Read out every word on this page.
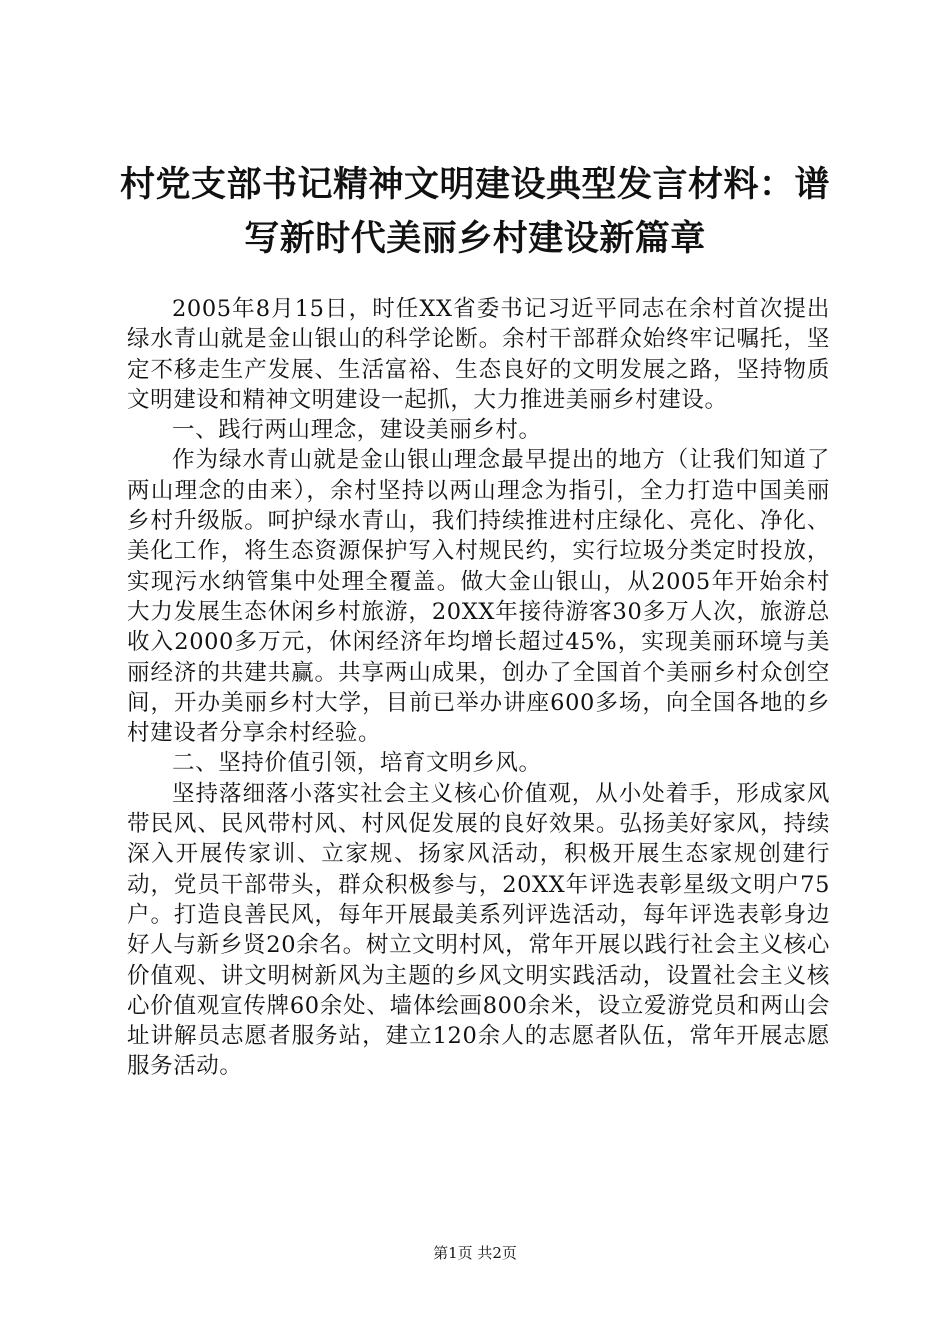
村党支部书记精神文明建设典型发言材料：谱
写新时代美丽乡村建设新篇章

2005年8月15日，时任XX省委书记习近平同志在余村首次提出绿水青山就是金山银山的科学论断。余村干部群众始终牢记嘱托，坚定不移走生产发展、生活富裕、生态良好的文明发展之路，坚持物质文明建设和精神文明建设一起抓，大力推进美丽乡村建设。

一、践行两山理念，建设美丽乡村。

作为绿水青山就是金山银山理念最早提出的地方（让我们知道了两山理念的由来），余村坚持以两山理念为指引，全力打造中国美丽乡村升级版。呵护绿水青山，我们持续推进村庄绿化、亮化、净化、美化工作，将生态资源保护写入村规民约，实行垃圾分类定时投放，实现污水纳管集中处理全覆盖。做大金山银山，从2005年开始余村大力发展生态休闲乡村旅游，20XX年接待游客30多万人次，旅游总收入2000多万元，休闲经济年均增长超过45%，实现美丽环境与美丽经济的共建共赢。共享两山成果，创办了全国首个美丽乡村众创空间，开办美丽乡村大学，目前已举办讲座600多场，向全国各地的乡村建设者分享余村经验。

二、坚持价值引领，培育文明乡风。

坚持落细落小落实社会主义核心价值观，从小处着手，形成家风带民风、民风带村风、村风促发展的良好效果。弘扬美好家风，持续深入开展传家训、立家规、扬家风活动，积极开展生态家规创建行动，党员干部带头，群众积极参与，20XX年评选表彰星级文明户75户。打造良善民风，每年开展最美系列评选活动，每年评选表彰身边好人与新乡贤20余名。树立文明村风，常年开展以践行社会主义核心价值观、讲文明树新风为主题的乡风文明实践活动，设置社会主义核心价值观宣传牌60余处、墙体绘画800余米，设立爱游党员和两山会址讲解员志愿者服务站，建立120余人的志愿者队伍，常年开展志愿服务活动。

第1页 共2页
